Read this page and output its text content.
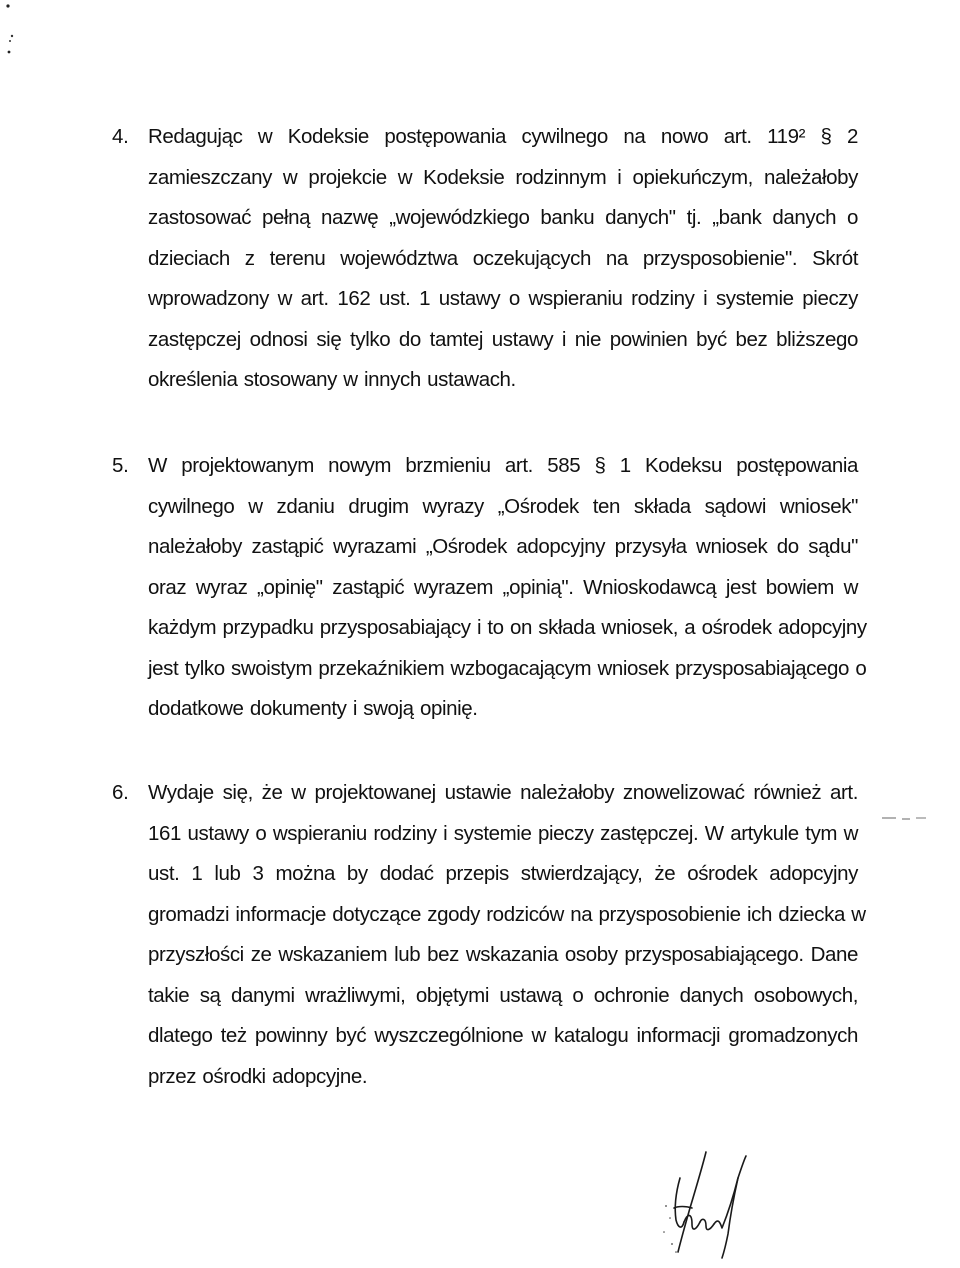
4. Redagując w Kodeksie postępowania cywilnego na nowo art. 119² § 2
zamieszczany w projekcie w Kodeksie rodzinnym i opiekuńczym, należałoby
zastosować pełną nazwę „wojewódzkiego banku danych" tj. „bank danych o
dzieciach z terenu województwa oczekujących na przysposobienie". Skrót
wprowadzony w art. 162 ust. 1 ustawy o wspieraniu rodziny i systemie pieczy
zastępczej odnosi się tylko do tamtej ustawy i nie powinien być bez bliższego
określenia stosowany w innych ustawach.
5. W projektowanym nowym brzmieniu art. 585 § 1 Kodeksu postępowania
cywilnego w zdaniu drugim wyrazy „Ośrodek ten składa sądowi wniosek"
należałoby zastąpić wyrazami „Ośrodek adopcyjny przysyła wniosek do sądu"
oraz wyraz „opinię" zastąpić wyrazem „opinią". Wnioskodawcą jest bowiem w
każdym przypadku przysposabiający i to on składa wniosek, a ośrodek adopcyjny
jest tylko swoistym przekaźnikiem wzbogacającym wniosek przysposabiającego o
dodatkowe dokumenty i swoją opinię.
6. Wydaje się, że w projektowanej ustawie należałoby znowelizować również art.
161 ustawy o wspieraniu rodziny i systemie pieczy zastępczej. W artykule tym w
ust. 1 lub 3 można by dodać przepis stwierdzający, że ośrodek adopcyjny
gromadzi informacje dotyczące zgody rodziców na przysposobienie ich dziecka w
przyszłości ze wskazaniem lub bez wskazania osoby przysposabiającego. Dane
takie są danymi wrażliwymi, objętymi ustawą o ochronie danych osobowych,
dlatego też powinny być wyszczególnione w katalogu informacji gromadzonych
przez ośrodki adopcyjne.
